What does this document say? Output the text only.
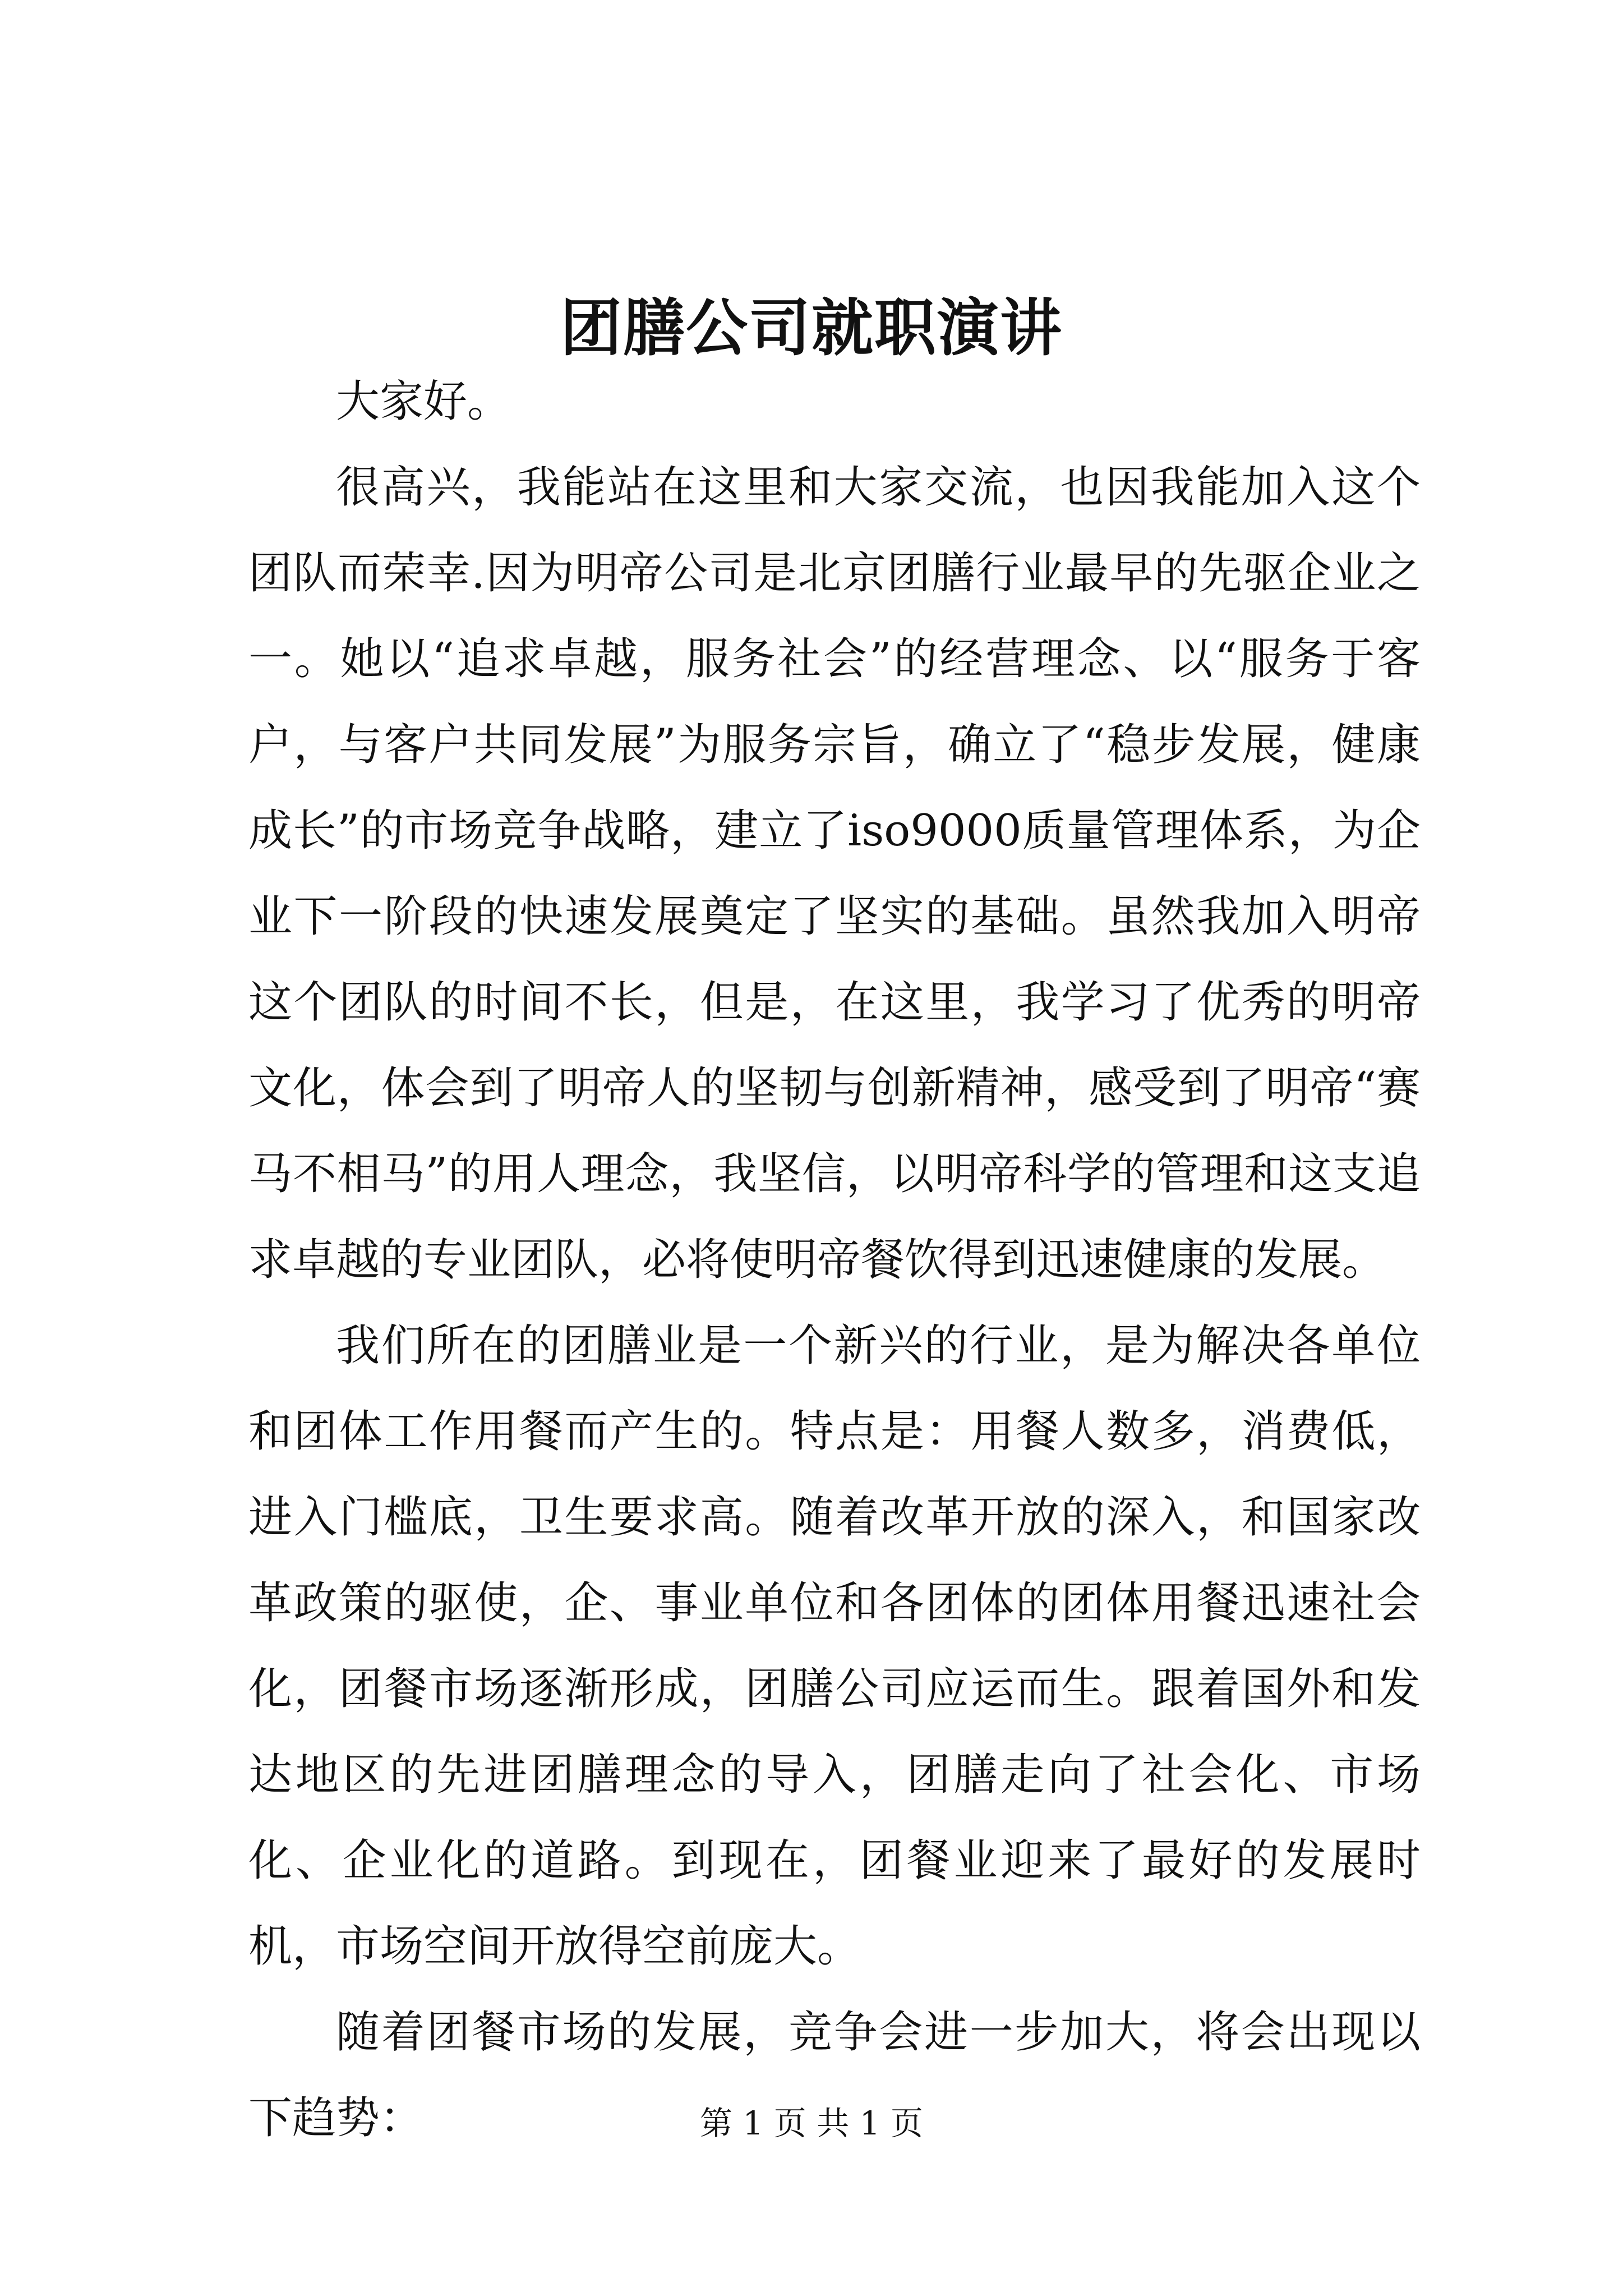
团膳公司就职演讲

大家好。

很高兴，我能站在这里和大家交流，也因我能加入这个团队而荣幸.因为明帝公司是北京团膳行业最早的先驱企业之一。她以“追求卓越，服务社会”的经营理念、以“服务于客户，与客户共同发展”为服务宗旨，确立了“稳步发展，健康成长”的市场竞争战略，建立了iso9000质量管理体系，为企业下一阶段的快速发展奠定了坚实的基础。虽然我加入明帝这个团队的时间不长，但是，在这里，我学习了优秀的明帝文化，体会到了明帝人的坚韧与创新精神，感受到了明帝“赛马不相马”的用人理念，我坚信，以明帝科学的管理和这支追求卓越的专业团队，必将使明帝餐饮得到迅速健康的发展。

我们所在的团膳业是一个新兴的行业，是为解决各单位和团体工作用餐而产生的。特点是：用餐人数多，消费低，进入门槛底，卫生要求高。随着改革开放的深入，和国家改革政策的驱使，企、事业单位和各团体的团体用餐迅速社会化，团餐市场逐渐形成，团膳公司应运而生。跟着国外和发达地区的先进团膳理念的导入，团膳走向了社会化、市场化、企业化的道路。到现在，团餐业迎来了最好的发展时机，市场空间开放得空前庞大。

随着团餐市场的发展，竞争会进一步加大，将会出现以下趋势：	第 1 页 共 1 页
